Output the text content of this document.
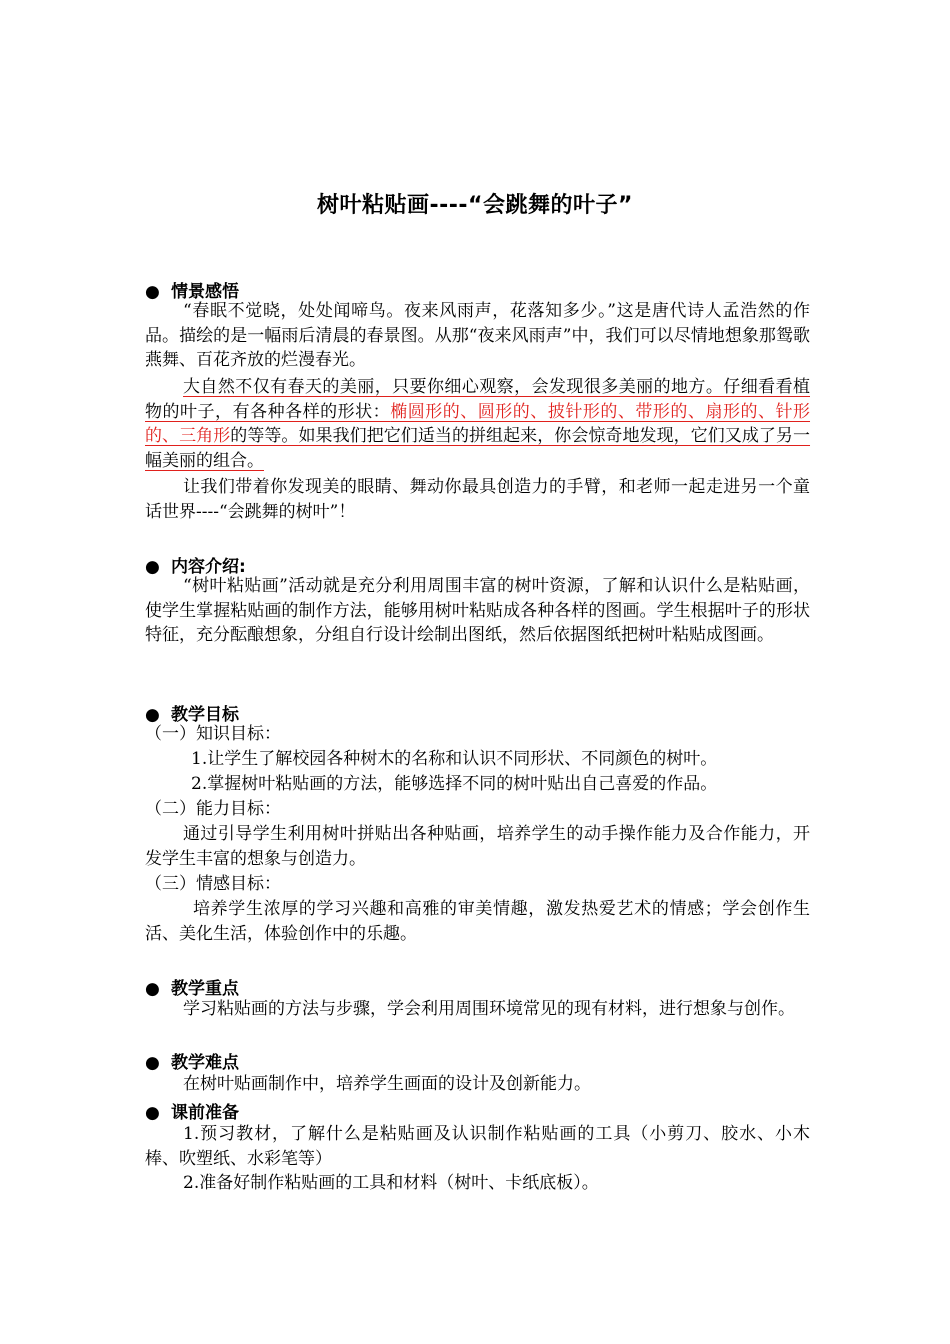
树叶粘贴画----“会跳舞的叶子”
● 情景感悟

“春眠不觉晓，处处闻啼鸟。夜来风雨声，花落知多少。”这是唐代诗人孟浩然的作品。描绘的是一幅雨后清晨的春景图。从那“夜来风雨声”中，我们可以尽情地想象那鸳歌燕舞、百花齐放的烂漫春光。

大自然不仅有春天的美丽，只要你细心观察，会发现很多美丽的地方。仔细看看植物的叶子，有各种各样的形状：椭圆形的、圆形的、披针形的、带形的、扇形的、针形的、三角形的等等。如果我们把它们适当的拼组起来，你会惊奇地发现，它们又成了另一幅美丽的组合。

让我们带着你发现美的眼睛、舞动你最具创造力的手臂，和老师一起走进另一个童话世界----“会跳舞的树叶”！

● 内容介绍:

“树叶粘贴画”活动就是充分利用周围丰富的树叶资源，了解和认识什么是粘贴画，使学生掌握粘贴画的制作方法，能够用树叶粘贴成各种各样的图画。学生根据叶子的形状特征，充分酝酿想象，分组自行设计绘制出图纸，然后依据图纸把树叶粘贴成图画。

● 教学目标
（一）知识目标：
1.让学生了解校园各种树木的名称和认识不同形状、不同颜色的树叶。
2.掌握树叶粘贴画的方法，能够选择不同的树叶贴出自己喜爱的作品。
（二）能力目标：

通过引导学生利用树叶拼贴出各种贴画，培养学生的动手操作能力及合作能力，开发学生丰富的想象与创造力。

（三）情感目标：

培养学生浓厚的学习兴趣和高雅的审美情趣，激发热爱艺术的情感；学会创作生活、美化生活，体验创作中的乐趣。

● 教学重点

学习粘贴画的方法与步骤，学会利用周围环境常见的现有材料，进行想象与创作。

● 教学难点

在树叶贴画制作中，培养学生画面的设计及创新能力。

● 课前准备

1.预习教材，了解什么是粘贴画及认识制作粘贴画的工具（小剪刀、胶水、小木棒、吹塑纸、水彩笔等）

2.准备好制作粘贴画的工具和材料（树叶、卡纸底板）。
